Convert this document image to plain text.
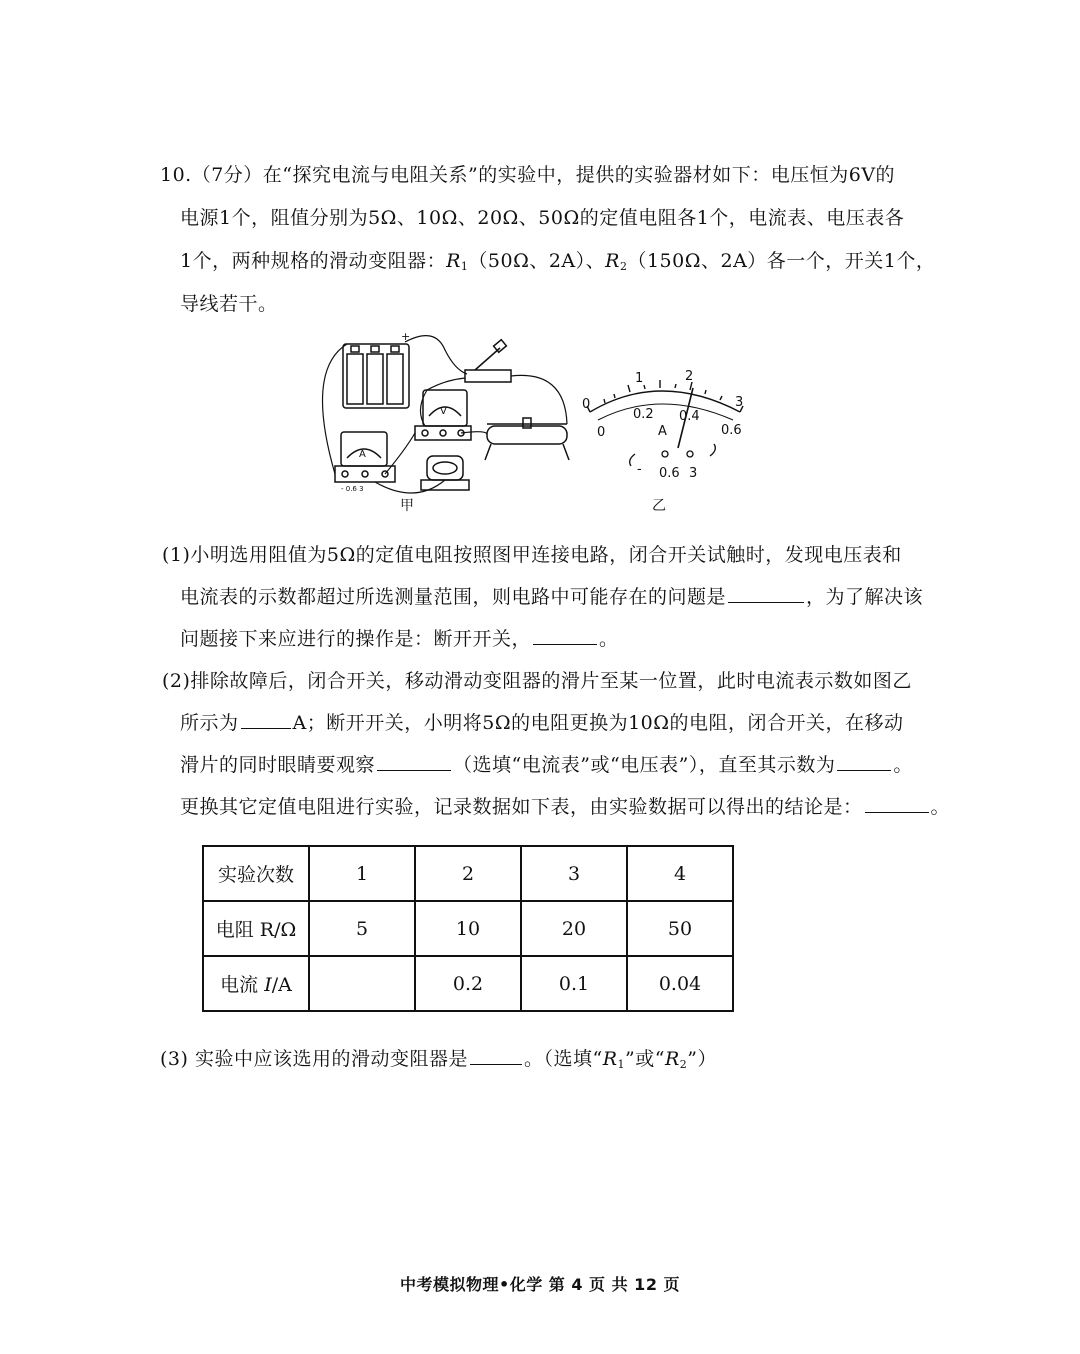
10.（7分）在“探究电流与电阻关系”的实验中，提供的实验器材如下：电压恒为6V的
电源1个，阻值分别为5Ω、10Ω、20Ω、50Ω的定值电阻各1个，电流表、电压表各
1个，两种规格的滑动变阻器：$R_1(50\Omega$、2A）、$R_2(150\Omega$、2A）各一个，开关1个，
导线若干。
+
V
A
- 0.6 3
甲
0
1	2
3
0
0.2 0.4
0.6
A
- 0.6 3
乙
(1)小明选用阻值为5Ω的定值电阻按照图甲连接电路，闭合开关试触时，发现电压表和
电流表的示数都超过所选测量范围，则电路中可能存在的问题是	，为了解决该
问题接下来应进行的操作是：断开开关，	。
(2)排除故障后，闭合开关，移动滑动变阻器的滑片至某一位置，此时电流表示数如图乙
所示为	A；断开开关，小明将5Ω的电阻更换为10Ω的电阻，闭合开关，在移动
滑片的同时眼睛要观察	（选填“电流表”或“电压表”），直至其示数为	。
更换其它定值电阻进行实验，记录数据如下表，由实验数据可以得出的结论是：	。
实验次数	1	2	3	4
电阻 R/Ω	5	10	20	50
电流 I/A		0.2	0.1	0.04
(3) 实验中应该选用的滑动变阻器是	。（选填“$R_1$”或“$R_2$”）
中考模拟物理•化学 第 4 页 共 12 页
